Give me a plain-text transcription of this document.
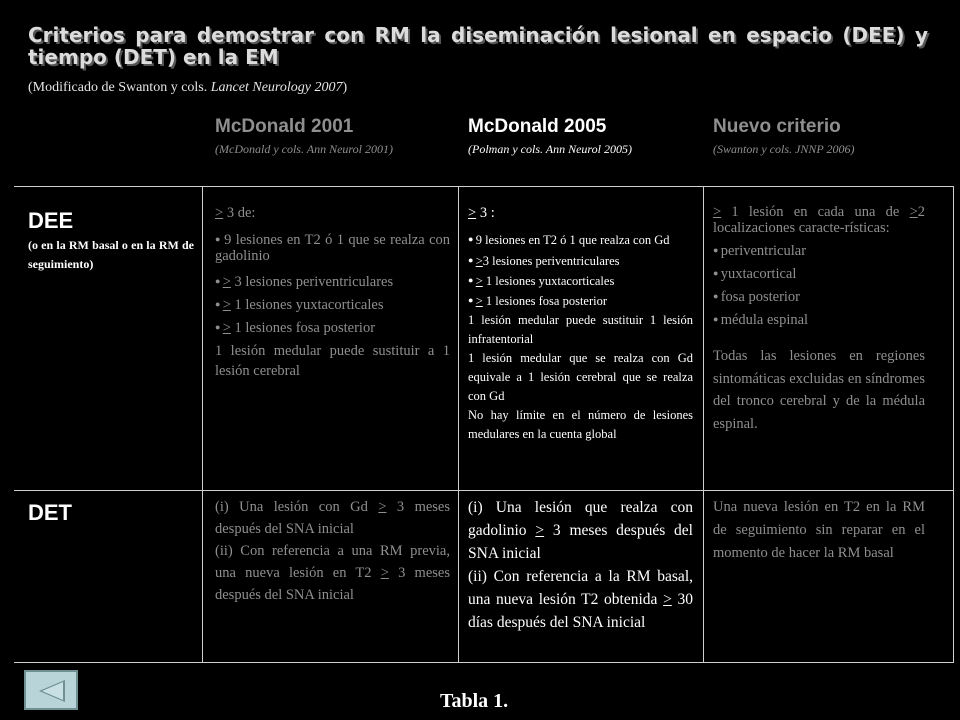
Criterios para demostrar con RM la diseminación lesional en espacio (DEE) y tiempo (DET) en la EM
(Modificado de Swanton y cols. Lancet Neurology 2007)
McDonald 2001
(McDonald y cols. Ann Neurol 2001)
McDonald 2005
(Polman y cols. Ann Neurol 2005)
Nuevo criterio
(Swanton y cols. JNNP 2006)
DEE
(o en la RM basal o en la RM de seguimiento)

> 3 de:

● 9 lesiones en T2 ó 1 que se realza con gadolinio

● > 3 lesiones periventriculares

● > 1 lesiones yuxtacorticales

● > 1 lesiones fosa posterior

1 lesión medular puede sustituir a 1 lesión cerebral

> 3 :

● 9 lesiones en T2 ó 1 que realza con Gd

● >3 lesiones periventriculares

● > 1 lesiones yuxtacorticales

● > 1 lesiones fosa posterior

1 lesión medular puede sustituir 1 lesión infratentorial

1 lesión medular que se realza con Gd equivale a 1 lesión cerebral que se realza con Gd

No hay límite en el número de lesiones medulares en la cuenta global

> 1 lesión en cada una de >2 localizaciones caracte-rísticas:

● periventricular

● yuxtacortical

● fosa posterior

● médula espinal

Todas las lesiones en regiones sintomáticas excluidas en síndromes del tronco cerebral y de la médula espinal.

DET	(i) Una lesión con Gd > 3 meses después del SNA inicial

(ii) Con referencia a una RM previa, una nueva lesión en T2 > 3 meses después del SNA inicial

(i) Una lesión que realza con gadolinio > 3 meses después del SNA inicial

(ii) Con referencia a la RM basal, una nueva lesión T2 obtenida > 30 días después del SNA inicial

Una nueva lesión en T2 en la RM de seguimiento sin reparar en el momento de hacer la RM basal
Tabla 1.
